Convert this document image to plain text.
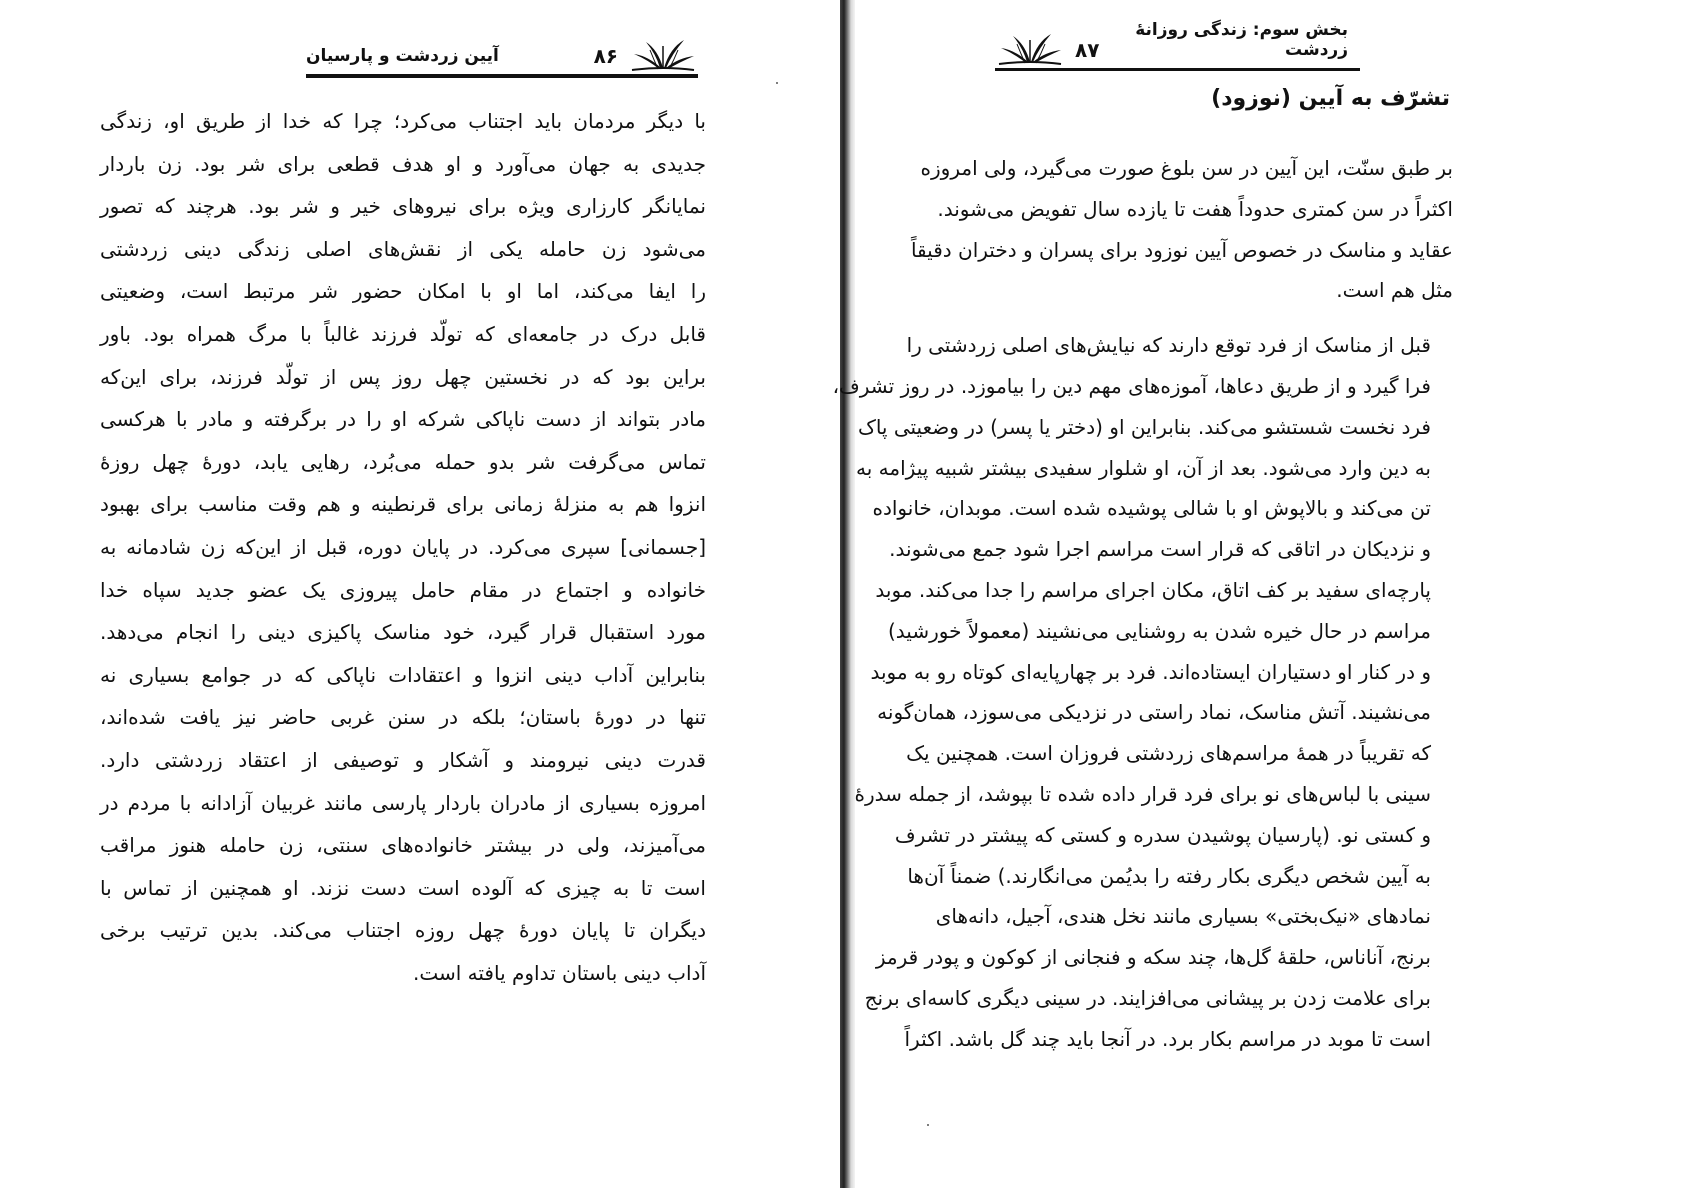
۸۶
آیین زردشت و پارسیان
با دیگر مردمان باید اجتناب می‌کرد؛ چرا که خدا از طریق او، زندگی
جدیدی به جهان می‌آورد و او هدف قطعی برای شر بود. زن باردار
نمایانگر کارزاری ویژه برای نیروهای خیر و شر بود. هرچند که تصور
می‌شود زن حامله یکی از نقش‌های اصلی زندگی دینی زردشتی
را ایفا می‌کند، اما او با امکان حضور شر مرتبط است، وضعیتی
قابل درک در جامعه‌ای که تولّد فرزند غالباً با مرگ همراه بود. باور
براین بود که در نخستین چهل روز پس از تولّد فرزند، برای این‌که
مادر بتواند از دست ناپاکی شرکه او را در برگرفته و مادر با هرکسی
تماس می‌گرفت شر بدو حمله می‌بُرد، رهایی یابد، دورهٔ چهل روزهٔ
انزوا هم به منزلهٔ زمانی برای قرنطینه و هم وقت مناسب برای بهبود
[جسمانی] سپری می‌کرد. در پایان دوره، قبل از این‌که زن شادمانه به
خانواده و اجتماع در مقام حامل پیروزی یک عضو جدید سپاه خدا
مورد استقبال قرار گیرد، خود مناسک پاکیزی دینی را انجام می‌دهد.
بنابراین آداب دینی انزوا و اعتقادات ناپاکی که در جوامع بسیاری نه
تنها در دورهٔ باستان؛ بلکه در سنن غربی حاضر نیز یافت شده‌اند،
قدرت دینی نیرومند و آشکار و توصیفی از اعتقاد زردشتی دارد.
امروزه بسیاری از مادران باردار پارسی مانند غربیان آزادانه با مردم در
می‌آمیزند، ولی در بیشتر خانواده‌های سنتی، زن حامله هنوز مراقب
است تا به چیزی که آلوده است دست نزند. او همچنین از تماس با
دیگران تا پایان دورهٔ چهل روزه اجتناب می‌کند. بدین ترتیب برخی
آداب دینی باستان تداوم یافته است.
بخش سوم: زندگی روزانهٔ زردشت
۸۷
تشرّف به آیین (نوزود)

بر طبق سنّت، این آیین در سن بلوغ صورت می‌گیرد، ولی امروزه
اکثراً در سن کمتری حدوداً هفت تا یازده سال تفویض می‌شوند.
عقاید و مناسک در خصوص آیین نوزود برای پسران و دختران دقیقاً
مثل هم است.

قبل از مناسک از فرد توقع دارند که نیایش‌های اصلی زردشتی را
فرا گیرد و از طریق دعاها، آموزه‌های مهم دین را بیاموزد. در روز تشرف،
فرد نخست شستشو می‌کند. بنابراین او (دختر یا پسر) در وضعیتی پاک
به دین وارد می‌شود. بعد از آن، او شلوار سفیدی بیشتر شبیه پیژامه به
تن می‌کند و بالاپوش او با شالی پوشیده شده است. موبدان، خانواده
و نزدیکان در اتاقی که قرار است مراسم اجرا شود جمع می‌شوند.
پارچه‌ای سفید بر کف اتاق، مکان اجرای مراسم را جدا می‌کند. موبد
مراسم در حال خیره شدن به روشنایی می‌نشیند (معمولاً خورشید)
و در کنار او دستیاران ایستاده‌اند. فرد بر چهارپایه‌ای کوتاه رو به موبد
می‌نشیند. آتش مناسک، نماد راستی در نزدیکی می‌سوزد، همان‌گونه
که تقریباً در همهٔ مراسم‌های زردشتی فروزان است. همچنین یک
سینی با لباس‌های نو برای فرد قرار داده شده تا بپوشد، از جمله سدرهٔ
و کستی نو. (پارسیان پوشیدن سدره و کستی که پیشتر در تشرف
به آیین شخص دیگری بکار رفته را بدیُمن می‌انگارند.) ضمناً آن‌ها
نمادهای «نیک‌بختی» بسیاری مانند نخل هندی، آجیل، دانه‌های
برنج، آناناس، حلقهٔ گل‌ها، چند سکه و فنجانی از کوکون و پودر قرمز
برای علامت زدن بر پیشانی می‌افزایند. در سینی دیگری کاسه‌ای برنج
است تا موبد در مراسم بکار برد. در آنجا باید چند گل باشد. اکثراً
